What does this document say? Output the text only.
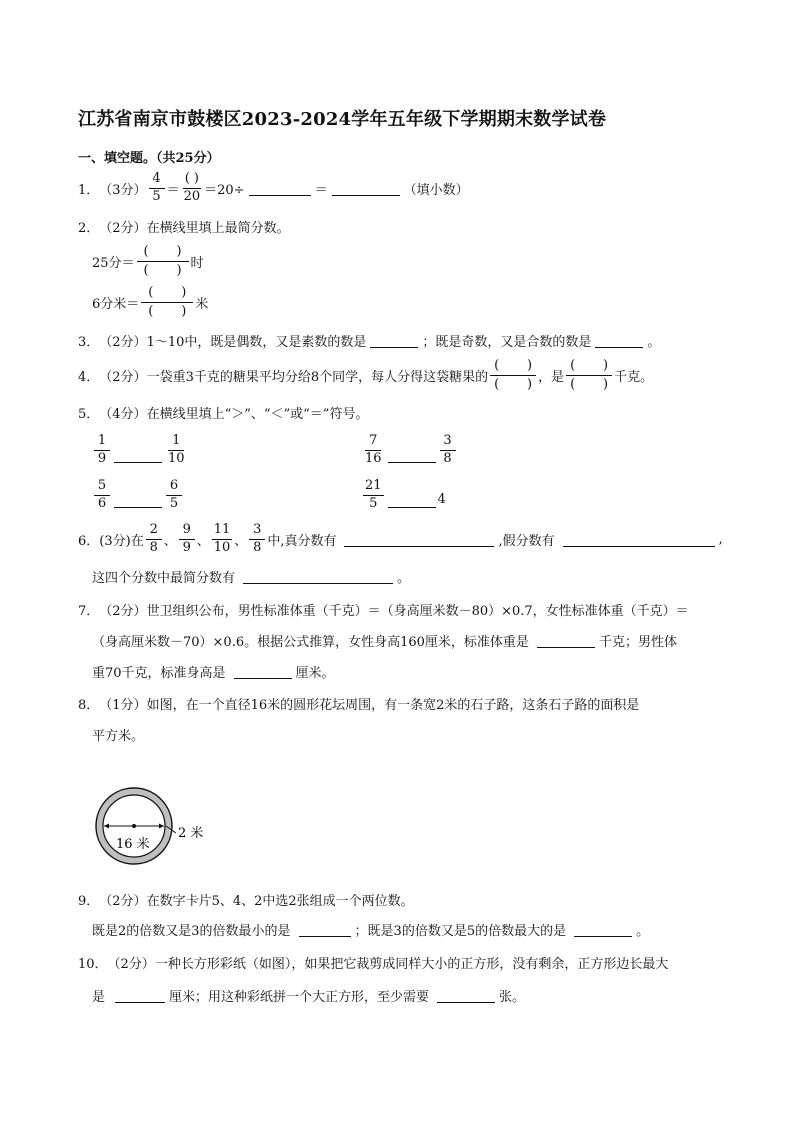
江苏省南京市鼓楼区2023-2024学年五年级下学期期末数学试卷
一、填空题。（共25分）
1． （3分） $\frac{4}{5} = \frac{( )}{20} =20\div$	＝	（填小数）
2． （2分） 在横线里填上最简分数。
25分＝
( )
( ) 时
6分米＝
( )
( ) 米
3． （2分） 1～10中，既是偶数，又是素数的数是	；既是奇数，又是合数的数是	。
4． （2分） 一袋重3千克的糖果平均分给8个同学，每人分得这袋糖果的
( )
( ) ，是
( )
( ) 千克。
5． （4分） 在横线里填上“＞”、“＜”或“＝”符号。
$\frac{1}{9}$	$\frac{1}{10}$	$\frac{7}{16}$	$\frac{3}{8}$
$\frac{5}{6}$	$\frac{6}{5}$	$\frac{21}{5}$	4
6． (3分) 在 $\frac{2}{8}$ 、 $\frac{9}{9}$ 、 $\frac{11}{10}$ 、 $\frac{3}{8}$ 中,真分数有	,假分数有	,
这四个分数中最简分数有	。
7． （2分） 世卫组织公布，男性标准体重（千克）＝（身高厘米数－80）×0.7，女性标准体重（千克）＝
（身高厘米数－70）×0.6。根据公式推算，女性身高160厘米，标准体重是	千克；男性体
重70千克，标准身高是	厘米。
8． （1分） 如图，在一个直径16米的圆形花坛周围，有一条宽2米的石子路，这条石子路的面积是
平方米。
16 米
2 米
9． （2分） 在数字卡片5、4、2中选2张组成一个两位数。
既是2的倍数又是3的倍数最小的是	；既是3的倍数又是5的倍数最大的是	。
10． （2分） 一种长方形彩纸（如图），如果把它裁剪成同样大小的正方形，没有剩余，正方形边长最大
是	厘米；用这种彩纸拼一个大正方形，至少需要	张。
